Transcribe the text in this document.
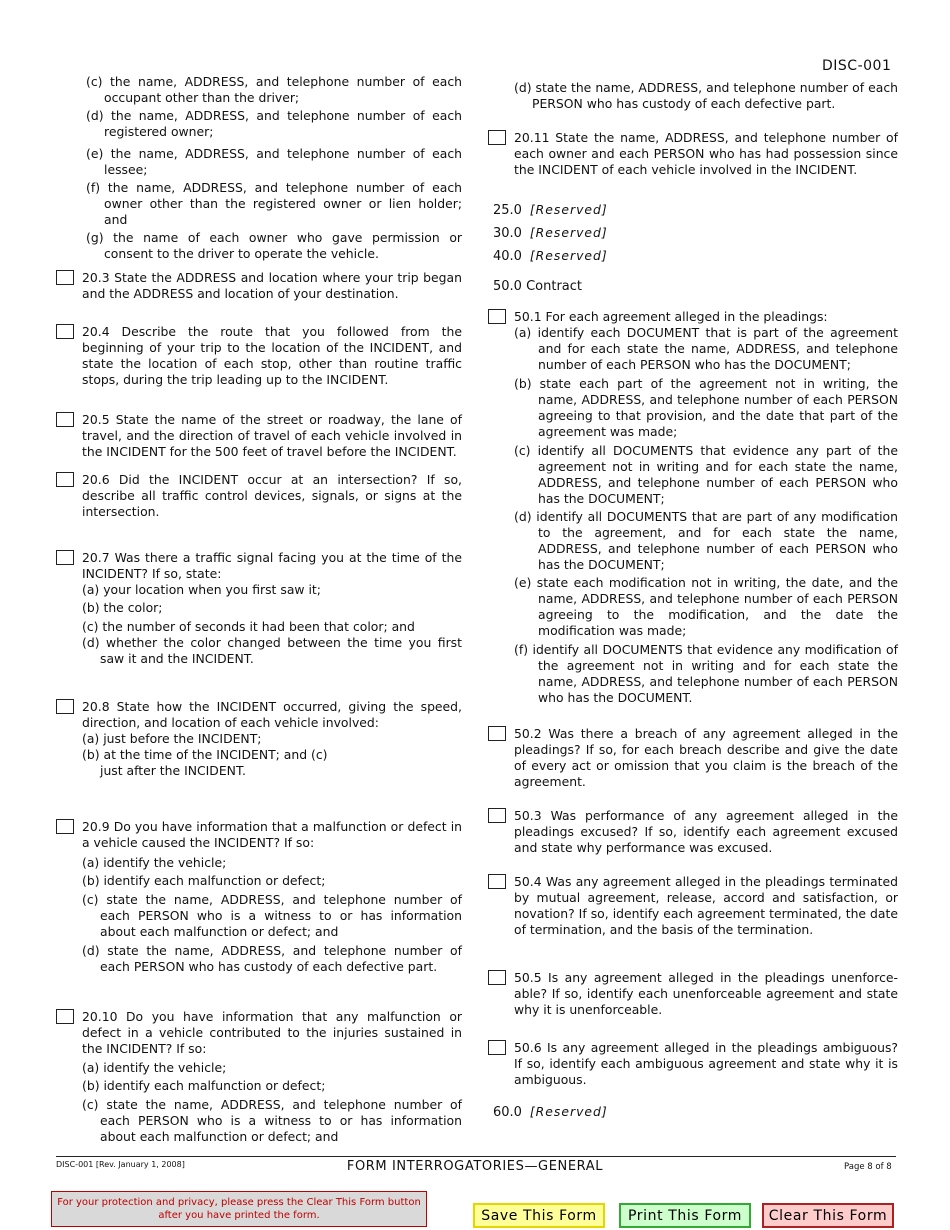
DISC-001
(c) the name, ADDRESS, and telephone number of each occupant other than the driver;
(d) the name, ADDRESS, and telephone number of each registered owner;
(e) the name, ADDRESS, and telephone number of each lessee;
(f) the name, ADDRESS, and telephone number of each owner other than the registered owner or lien holder; and
(g) the name of each owner who gave permission or consent to the driver to operate the vehicle.
20.3 State the ADDRESS and location where your trip began and the ADDRESS and location of your destination.
20.4 Describe the route that you followed from the beginning of your trip to the location of the INCIDENT, and state the location of each stop, other than routine traffic stops, during the trip leading up to the INCIDENT.
20.5 State the name of the street or roadway, the lane of travel, and the direction of travel of each vehicle involved in the INCIDENT for the 500 feet of travel before the INCIDENT.
20.6 Did the INCIDENT occur at an intersection? If so, describe all traffic control devices, signals, or signs at the intersection.
20.7 Was there a traffic signal facing you at the time of the INCIDENT? If so, state:
(a) your location when you first saw it;
(b) the color;
(c) the number of seconds it had been that color; and
(d) whether the color changed between the time you first saw it and the INCIDENT.
20.8 State how the INCIDENT occurred, giving the speed, direction, and location of each vehicle involved:
(a) just before the INCIDENT;
(b) at the time of the INCIDENT; and (c) just after the INCIDENT.
20.9 Do you have information that a malfunction or defect in a vehicle caused the INCIDENT? If so:
(a) identify the vehicle;
(b) identify each malfunction or defect;
(c) state the name, ADDRESS, and telephone number of each PERSON who is a witness to or has information about each malfunction or defect; and
(d) state the name, ADDRESS, and telephone number of each PERSON who has custody of each defective part.
20.10 Do you have information that any malfunction or defect in a vehicle contributed to the injuries sustained in the INCIDENT? If so:
(a) identify the vehicle;
(b) identify each malfunction or defect;
(c) state the name, ADDRESS, and telephone number of each PERSON who is a witness to or has information about each malfunction or defect; and
(d) state the name, ADDRESS, and telephone number of each PERSON who has custody of each defective part.
20.11 State the name, ADDRESS, and telephone number of each owner and each PERSON who has had possession since the INCIDENT of each vehicle involved in the INCIDENT.
25.0 [Reserved]
30.0 [Reserved]
40.0 [Reserved]
50.0 Contract
50.1 For each agreement alleged in the pleadings:
(a) identify each DOCUMENT that is part of the agreement and for each state the name, ADDRESS, and telephone number of each PERSON who has the DOCUMENT;
(b) state each part of the agreement not in writing, the name, ADDRESS, and telephone number of each PERSON agreeing to that provision, and the date that part of the agreement was made;
(c) identify all DOCUMENTS that evidence any part of the agreement not in writing and for each state the name, ADDRESS, and telephone number of each PERSON who has the DOCUMENT;
(d) identify all DOCUMENTS that are part of any modification to the agreement, and for each state the name, ADDRESS, and telephone number of each PERSON who has the DOCUMENT;
(e) state each modification not in writing, the date, and the name, ADDRESS, and telephone number of each PERSON agreeing to the modification, and the date the modification was made;
(f) identify all DOCUMENTS that evidence any modification of the agreement not in writing and for each state the name, ADDRESS, and telephone number of each PERSON who has the DOCUMENT.
50.2 Was there a breach of any agreement alleged in the pleadings? If so, for each breach describe and give the date of every act or omission that you claim is the breach of the agreement.
50.3 Was performance of any agreement alleged in the pleadings excused? If so, identify each agreement excused and state why performance was excused.
50.4 Was any agreement alleged in the pleadings terminated by mutual agreement, release, accord and satisfaction, or novation? If so, identify each agreement terminated, the date of termination, and the basis of the termination.
50.5 Is any agreement alleged in the pleadings unenforce-able? If so, identify each unenforceable agreement and state why it is unenforceable.
50.6 Is any agreement alleged in the pleadings ambiguous? If so, identify each ambiguous agreement and state why it is ambiguous.
60.0 [Reserved]
DISC-001 [Rev. January 1, 2008]	FORM INTERROGATORIES—GENERAL	Page 8 of 8
For your protection and privacy, please press the Clear This Form button after you have printed the form.	Save This Form	Print This Form	Clear This Form
